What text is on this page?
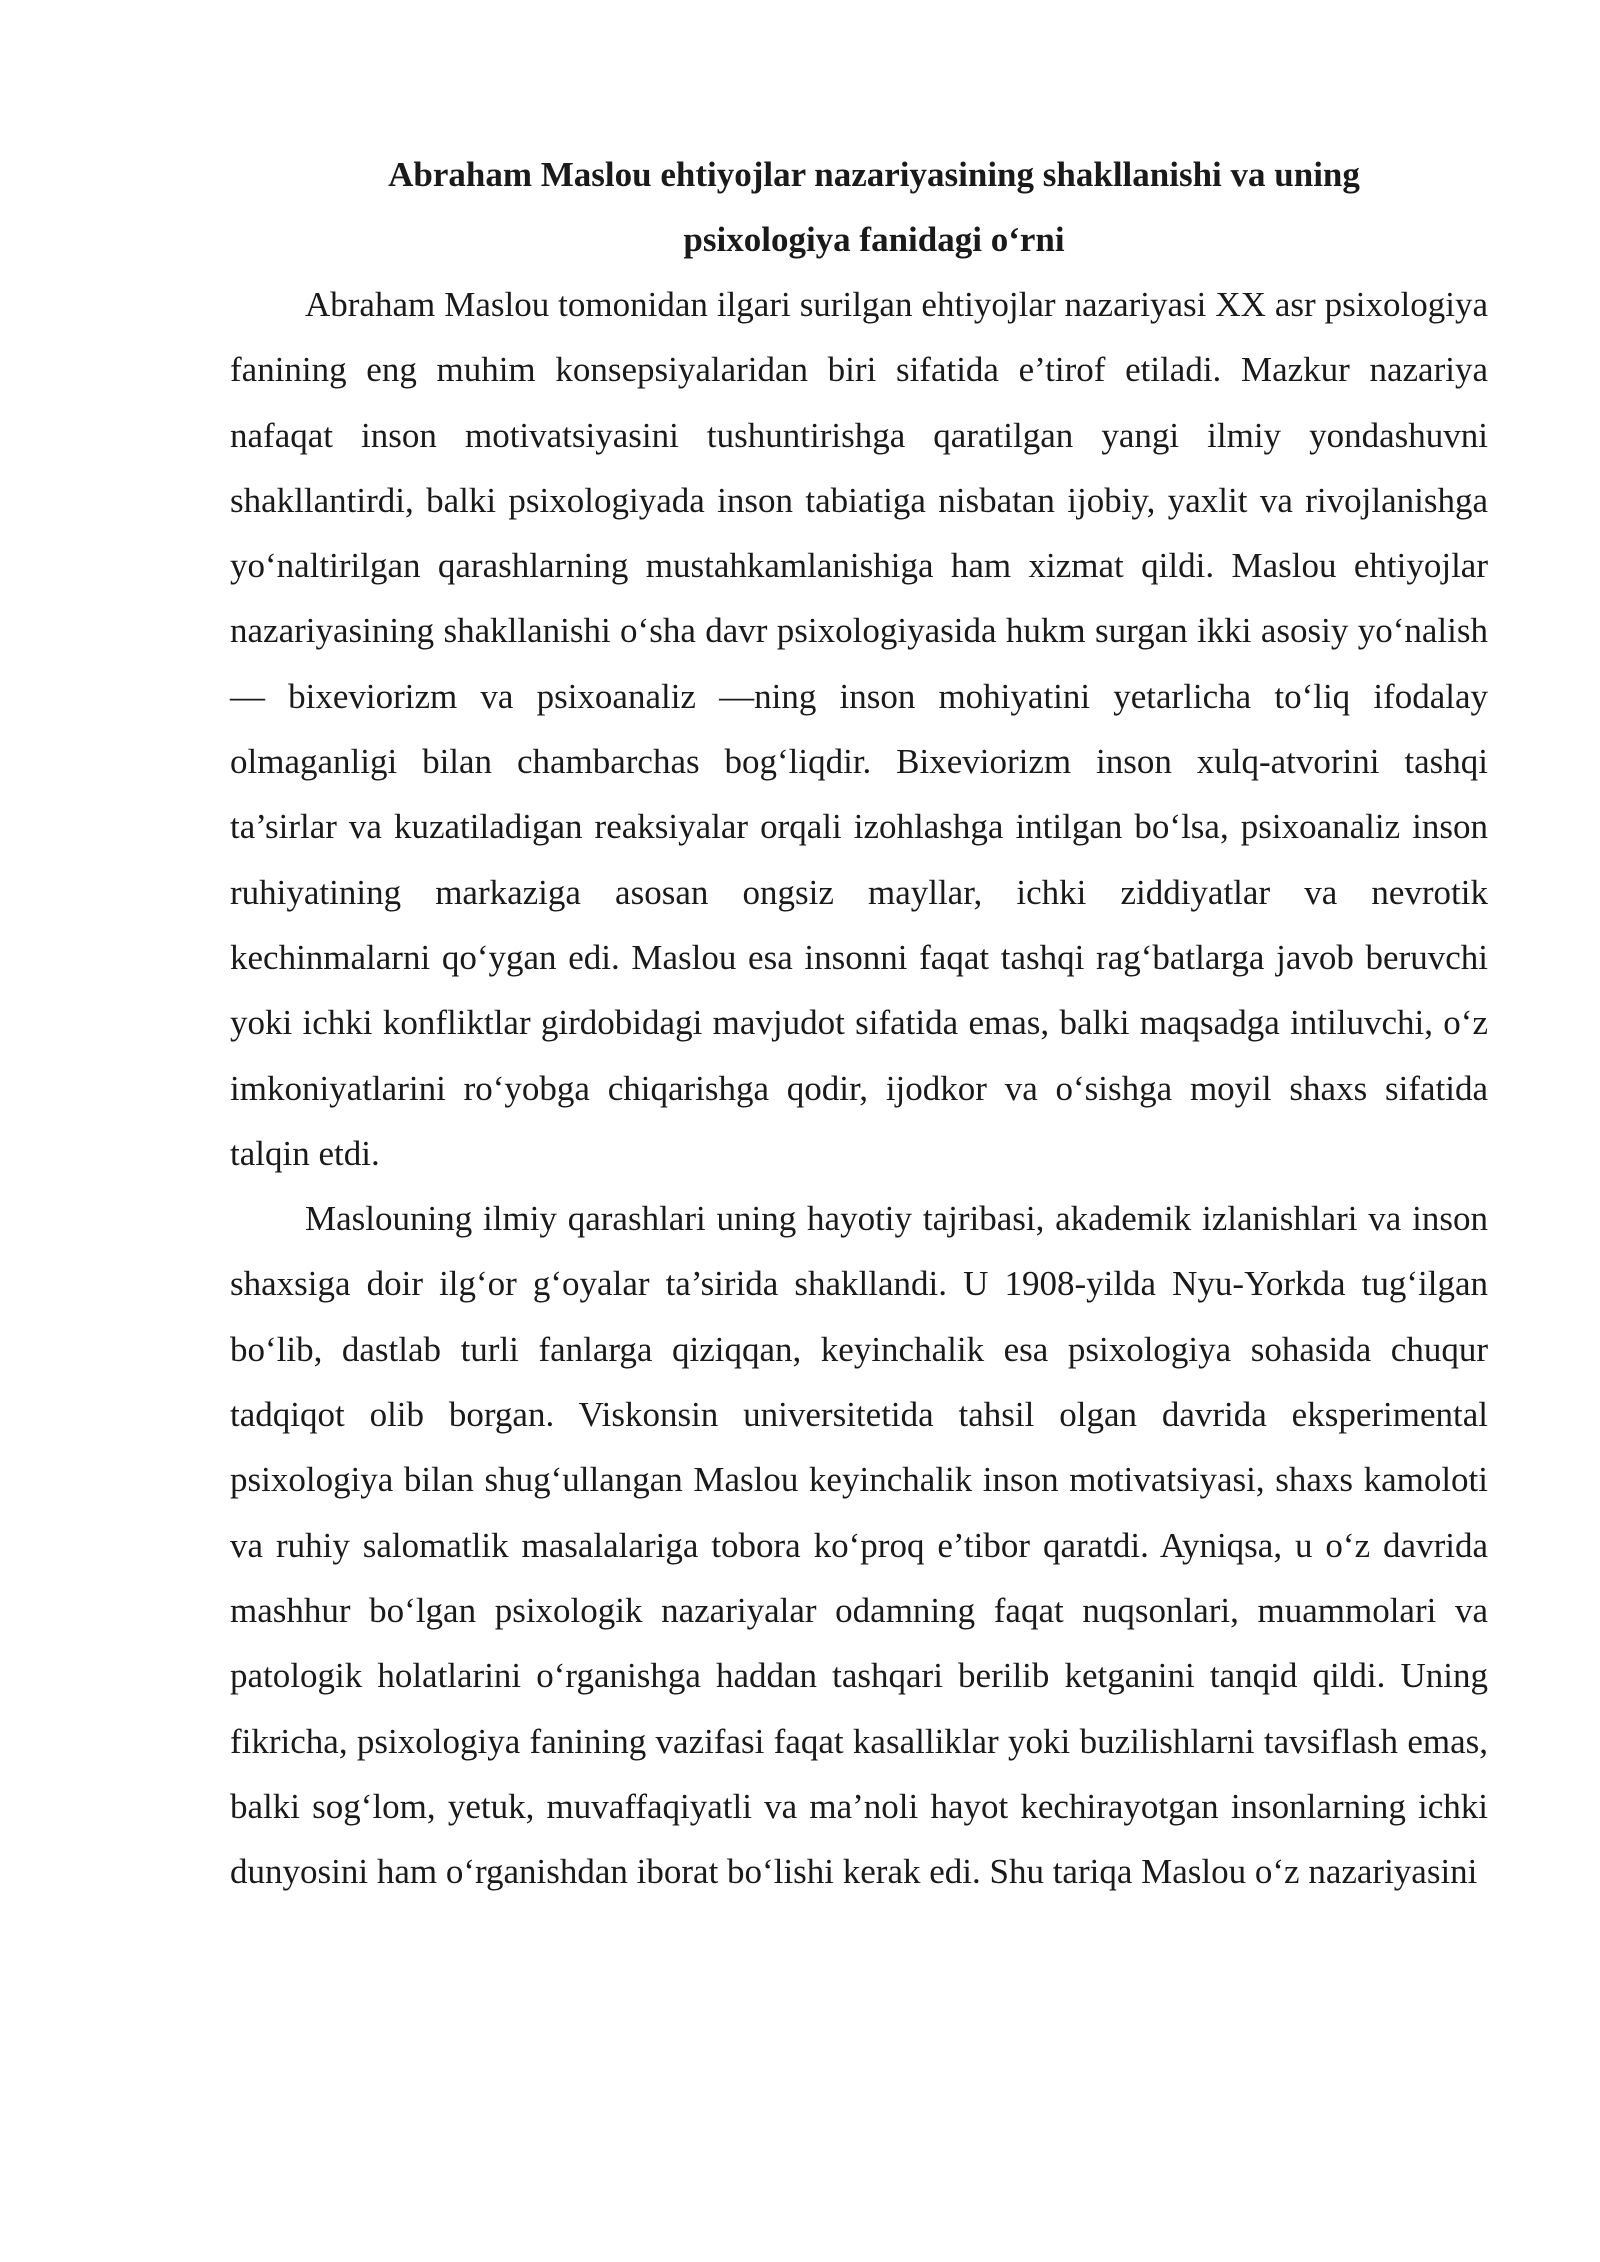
Abraham Maslou ehtiyojlar nazariyasining shakllanishi va uning
psixologiya fanidagi o‘rni

Abraham Maslou tomonidan ilgari surilgan ehtiyojlar nazariyasi XX asr psixologiya fanining eng muhim konsepsiyalaridan biri sifatida e’tirof etiladi. Mazkur nazariya nafaqat inson motivatsiyasini tushuntirishga qaratilgan yangi ilmiy yondashuvni shakllantirdi, balki psixologiyada inson tabiatiga nisbatan ijobiy, yaxlit va rivojlanishga yo‘naltirilgan qarashlarning mustahkamlanishiga ham xizmat qildi. Maslou ehtiyojlar nazariyasining shakllanishi o‘sha davr psixologiyasida hukm surgan ikki asosiy yo‘nalish — bixeviorizm va psixoanaliz —ning inson mohiyatini yetarlicha to‘liq ifodalay olmaganligi bilan chambarchas bog‘liqdir. Bixeviorizm inson xulq-atvorini tashqi ta’sirlar va kuzatiladigan reaksiyalar orqali izohlashga intilgan bo‘lsa, psixoanaliz inson ruhiyatining markaziga asosan ongsiz mayllar, ichki ziddiyatlar va nevrotik kechinmalarni qo‘ygan edi. Maslou esa insonni faqat tashqi rag‘batlarga javob beruvchi yoki ichki konfliktlar girdobidagi mavjudot sifatida emas, balki maqsadga intiluvchi, o‘z imkoniyatlarini ro‘yobga chiqarishga qodir, ijodkor va o‘sishga moyil shaxs sifatida talqin etdi.

Maslouning ilmiy qarashlari uning hayotiy tajribasi, akademik izlanishlari va inson shaxsiga doir ilg‘or g‘oyalar ta’sirida shakllandi. U 1908-yilda Nyu-Yorkda tug‘ilgan bo‘lib, dastlab turli fanlarga qiziqqan, keyinchalik esa psixologiya sohasida chuqur tadqiqot olib borgan. Viskonsin universitetida tahsil olgan davrida eksperimental psixologiya bilan shug‘ullangan Maslou keyinchalik inson motivatsiyasi, shaxs kamoloti va ruhiy salomatlik masalalariga tobora ko‘proq e’tibor qaratdi. Ayniqsa, u o‘z davrida mashhur bo‘lgan psixologik nazariyalar odamning faqat nuqsonlari, muammolari va patologik holatlarini o‘rganishga haddan tashqari berilib ketganini tanqid qildi. Uning fikricha, psixologiya fanining vazifasi faqat kasalliklar yoki buzilishlarni tavsiflash emas, balki sog‘lom, yetuk, muvaffaqiyatli va ma’noli hayot kechirayotgan insonlarning ichki dunyosini ham o‘rganishdan iborat bo‘lishi kerak edi. Shu tariqa Maslou o‘z nazariyasini
